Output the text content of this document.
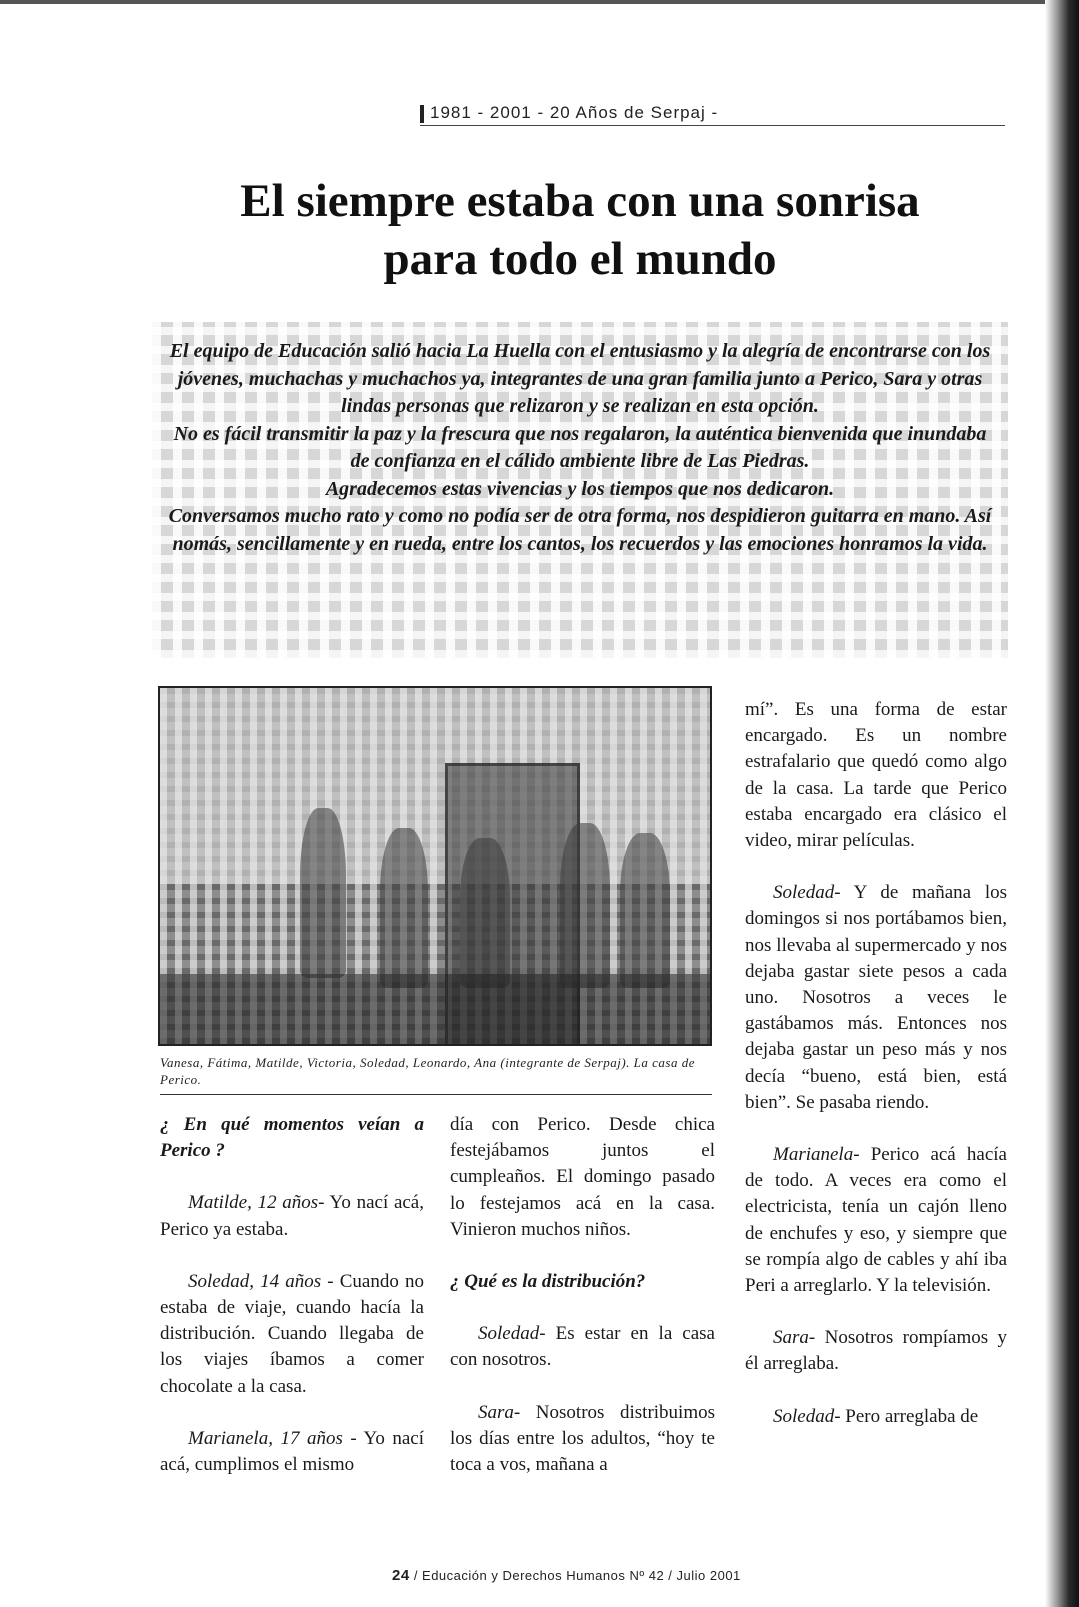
1981 - 2001 - 20 Años de Serpaj -
El siempre estaba con una sonrisa
para todo el mundo

El equipo de Educación salió hacia La Huella con el entusiasmo y la alegría de encontrarse con los jóvenes, muchachas y muchachos ya, integrantes de una gran familia junto a Perico, Sara y otras lindas personas que relizaron y se realizan en esta opción.

No es fácil transmitir la paz y la frescura que nos regalaron, la auténtica bienvenida que inundaba de confianza en el cálido ambiente libre de Las Piedras.

Agradecemos estas vivencias y los tiempos que nos dedicaron.

Conversamos mucho rato y como no podía ser de otra forma, nos despidieron guitarra en mano. Así nomás, sencillamente y en rueda, entre los cantos, los recuerdos y las emociones honramos la vida.

Vanesa, Fátima, Matilde, Victoria, Soledad, Leonardo, Ana (integrante de Serpaj). La casa de Perico.

¿ En qué momentos veían a Perico ?

Matilde, 12 años- Yo nací acá, Perico ya estaba.

Soledad, 14 años - Cuando no estaba de viaje, cuando hacía la distribución. Cuando llegaba de los viajes íbamos a comer chocolate a la casa.

Marianela, 17 años - Yo nací acá, cumplimos el mismo

día con Perico. Desde chica festejábamos juntos el cumpleaños. El domingo pasado lo festejamos acá en la casa. Vinieron muchos niños.

¿ Qué es la distribución?

Soledad- Es estar en la casa con nosotros.

Sara- Nosotros distribuimos los días entre los adultos, “hoy te toca a vos, mañana a

mí”. Es una forma de estar encargado. Es un nombre estrafalario que quedó como algo de la casa. La tarde que Perico estaba encargado era clásico el video, mirar películas.

Soledad- Y de mañana los domingos si nos portábamos bien, nos llevaba al supermercado y nos dejaba gastar siete pesos a cada uno. Nosotros a veces le gastábamos más. Entonces nos dejaba gastar un peso más y nos decía “bueno, está bien, está bien”. Se pasaba riendo.

Marianela- Perico acá hacía de todo. A veces era como el electricista, tenía un cajón lleno de enchufes y eso, y siempre que se rompía algo de cables y ahí iba Peri a arreglarlo. Y la televisión.

Sara- Nosotros rompíamos y él arreglaba.

Soledad- Pero arreglaba de

24 / Educación y Derechos Humanos Nº 42 / Julio 2001
